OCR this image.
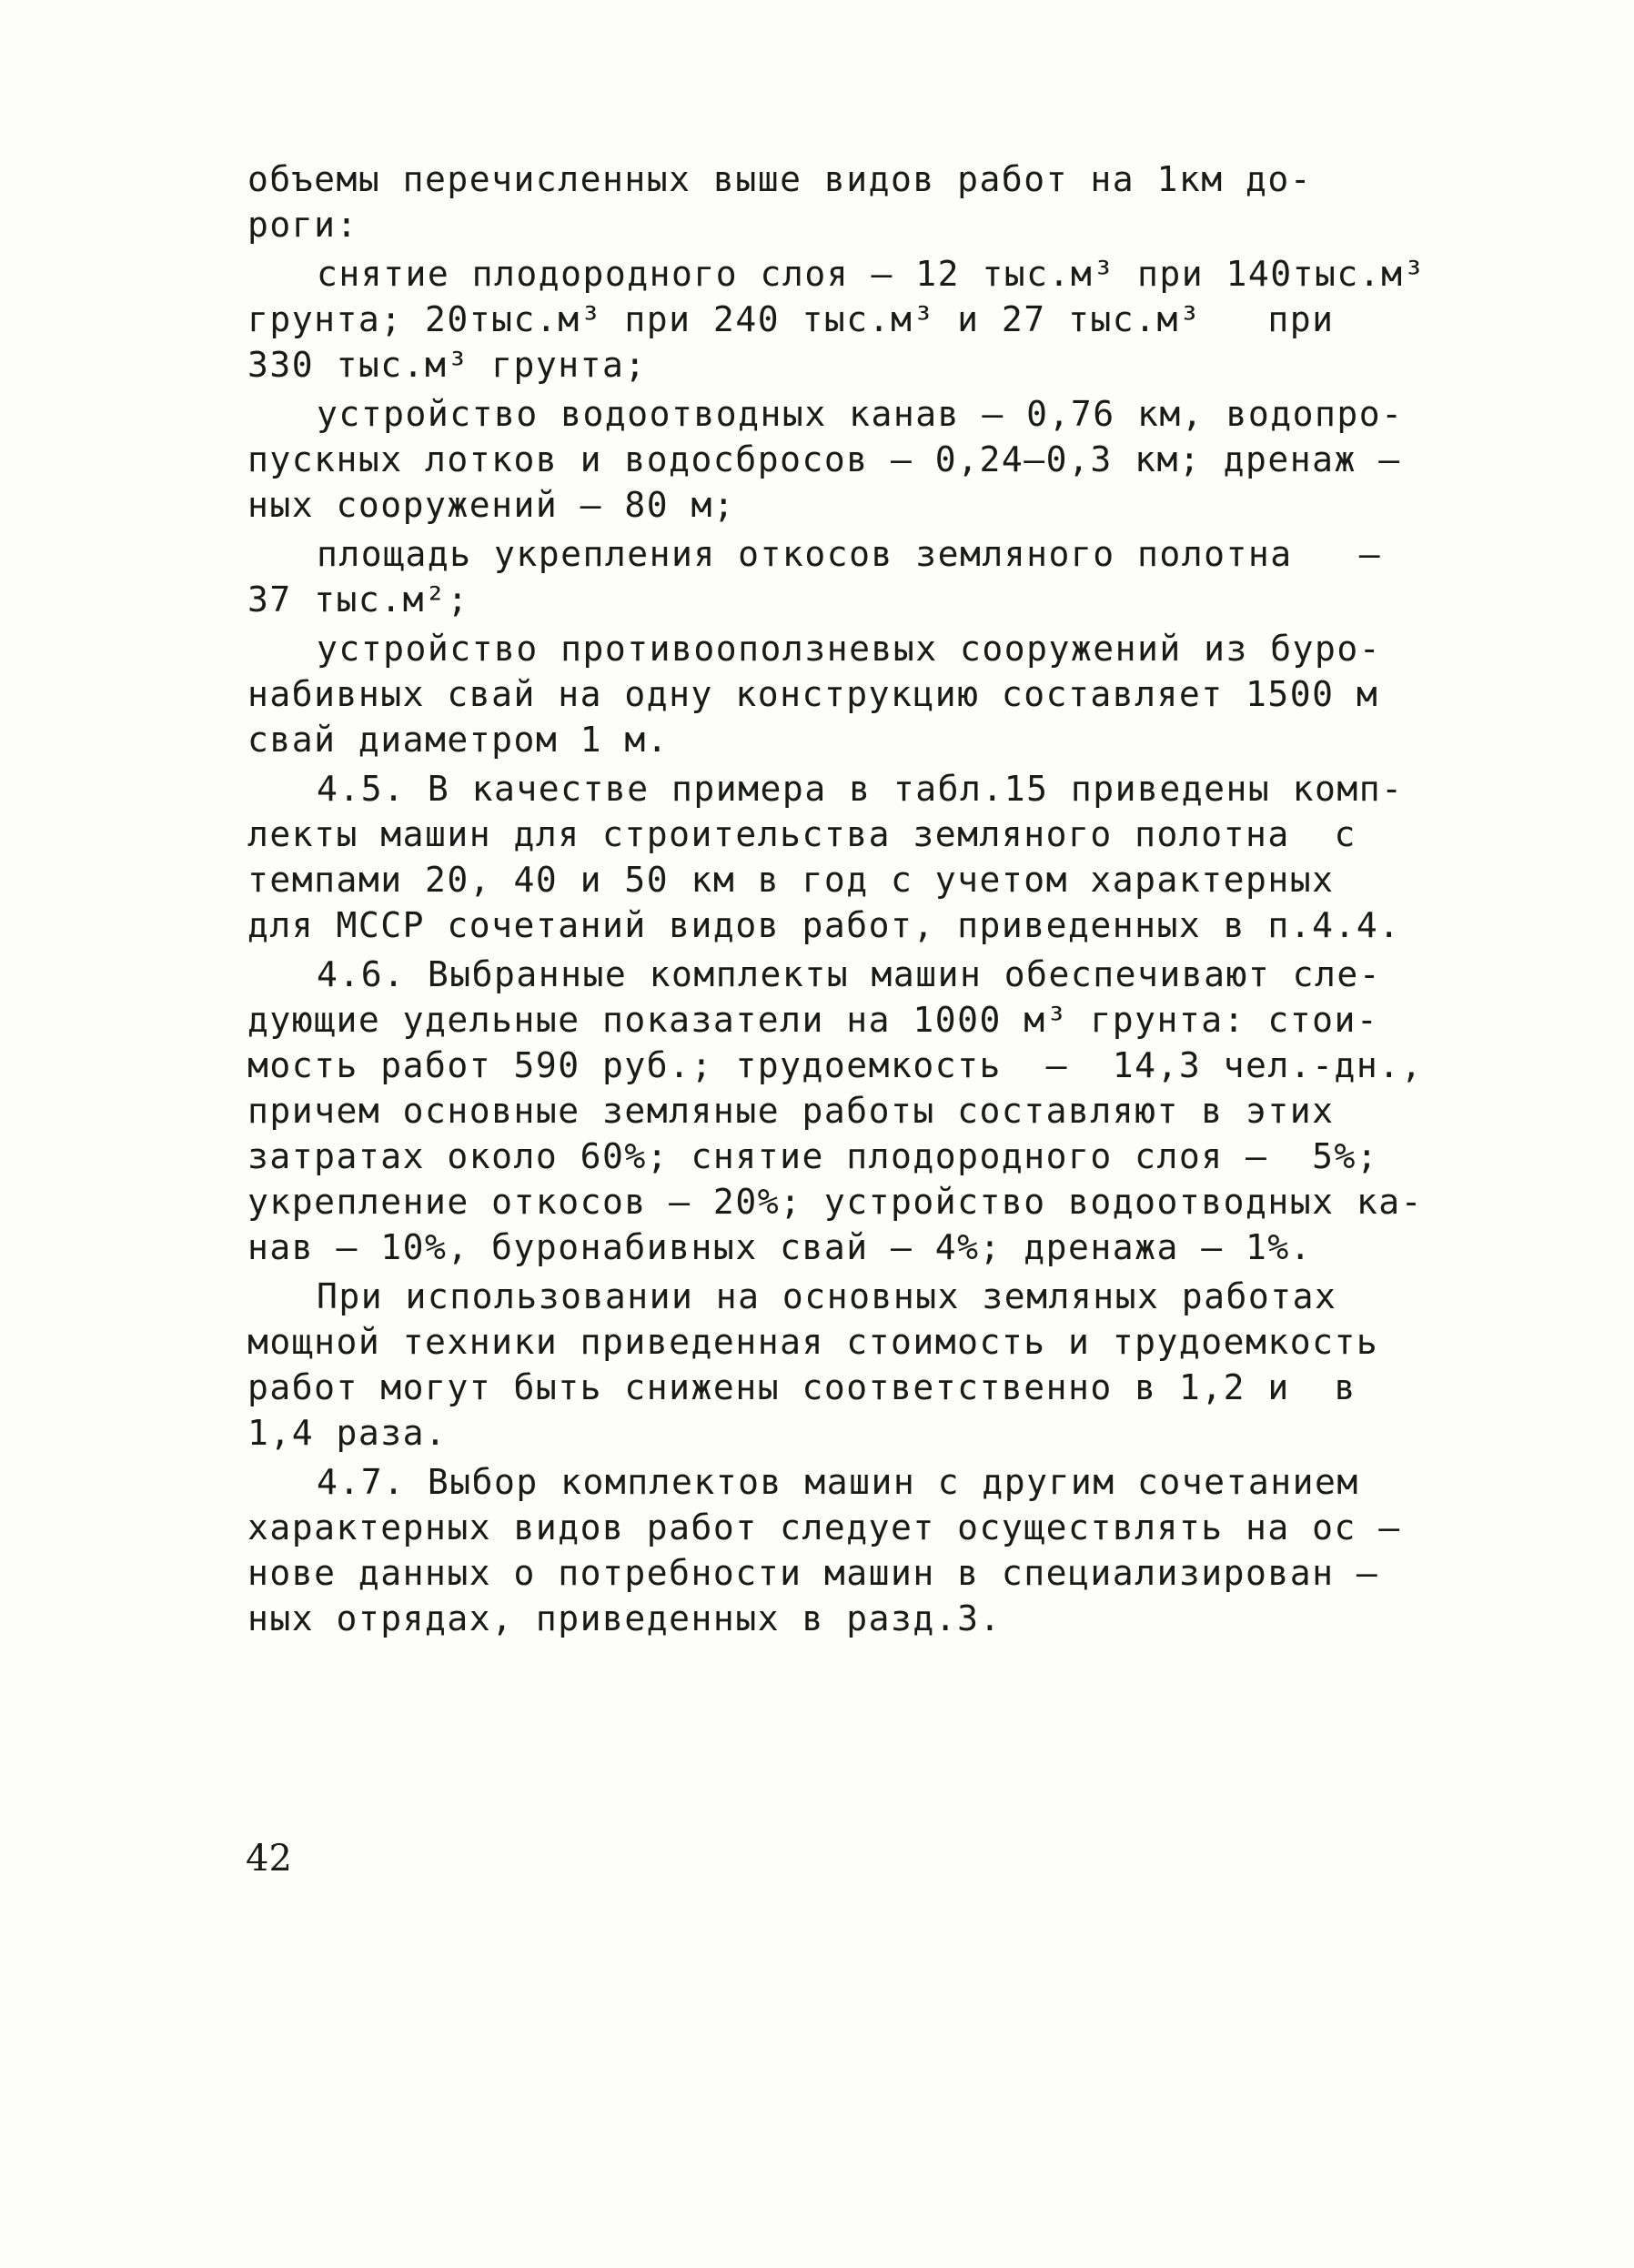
объемы перечисленных выше видов работ на 1км до-
роги:
снятие плодородного слоя – 12 тыс.м³ при 140тыс.м³
грунта; 20тыс.м³ при 240 тыс.м³ и 27 тыс.м³   при
330 тыс.м³ грунта;
устройство водоотводных канав – 0,76 км, водопро-
пускных лотков и водосбросов – 0,24–0,3 км; дренаж –
ных сооружений – 80 м;
площадь укрепления откосов земляного полотна   –
37 тыс.м²;
устройство противооползневых сооружений из буро-
набивных свай на одну конструкцию составляет 1500 м
свай диаметром 1 м.
4.5. В качестве примера в табл.15 приведены комп-
лекты машин для строительства земляного полотна  с
темпами 20, 40 и 50 км в год с учетом характерных
для МССР сочетаний видов работ, приведенных в п.4.4.
4.6. Выбранные комплекты машин обеспечивают сле-
дующие удельные показатели на 1000 м³ грунта: стои-
мость работ 590 руб.; трудоемкость  –  14,3 чел.-дн.,
причем основные земляные работы составляют в этих
затратах около 60%; снятие плодородного слоя –  5%;
укрепление откосов – 20%; устройство водоотводных ка-
нав – 10%, буронабивных свай – 4%; дренажа – 1%.
При использовании на основных земляных работах
мощной техники приведенная стоимость и трудоемкость
работ могут быть снижены соответственно в 1,2 и  в
1,4 раза.
4.7. Выбор комплектов машин с другим сочетанием
характерных видов работ следует осуществлять на ос –
нове данных о потребности машин в специализирован –
ных отрядах, приведенных в разд.3.
42
